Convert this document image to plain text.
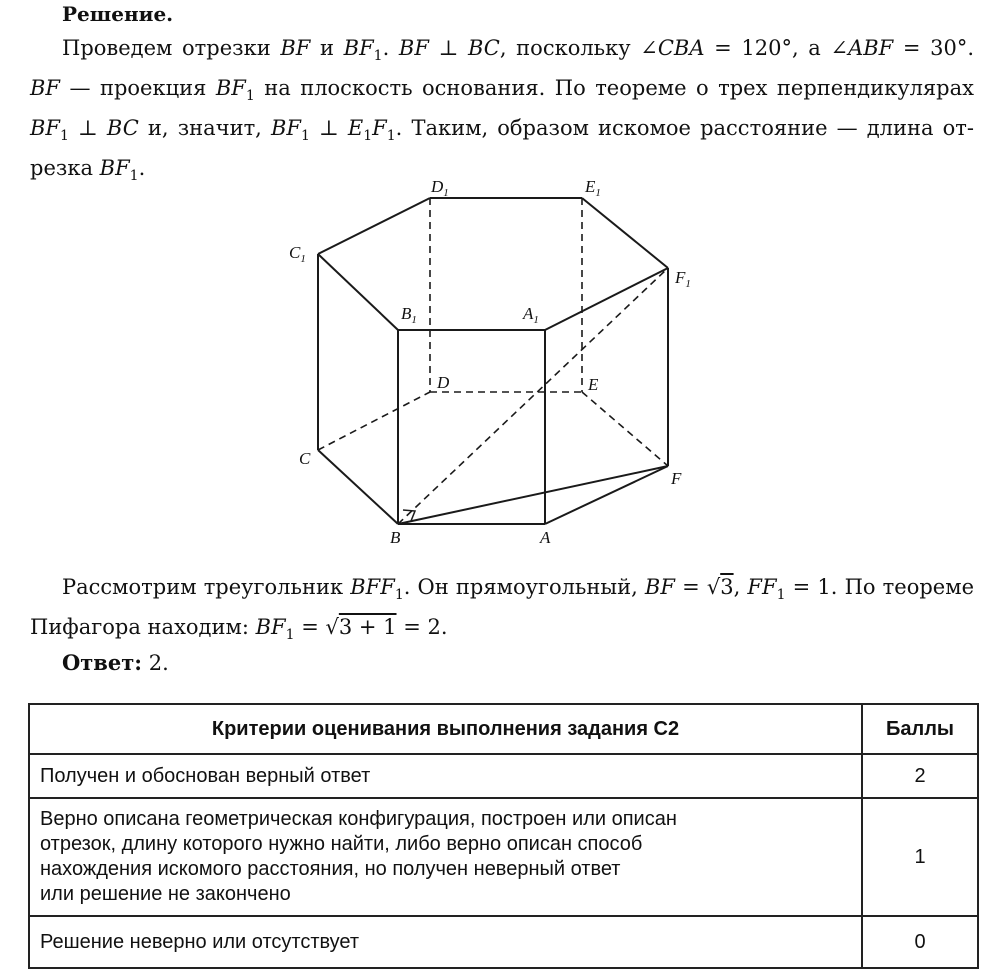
Решение.
Проведем отрезки BF и $BF_1$. BF ⊥ BC, поскольку ∠CBA = 120°, а ∠ABF = 30°.
BF — проекция $BF_1$ на плоскость основания. По теореме о трех перпендикулярах
$BF_1$ ⊥ BC и, значит, $BF_1$ ⊥ $E_1F_1$. Таким, образом искомое расстояние — длина от-
резка $BF_1$.
$D_1$	$E_1$
$C_1$
$F_1$
$B_1$	$A_1$
D	E
C
F
B	A
Рассмотрим треугольник $BFF_1$. Он прямоугольный, BF = √3, $FF_1 = 1$. По теореме
Пифагора находим: $BF_1 = √3 + 1 = 2$.
Ответ: 2.
Критерии оценивания выполнения задания С2	Баллы
Получен и обоснован верный ответ	2

Верно описана геометрическая конфигурация, построен или описан
отрезок, длину которого нужно найти, либо верно описан способ
нахождения искомого расстояния, но получен неверный ответ
или решение не закончено	1
Решение неверно или отсутствует	0
